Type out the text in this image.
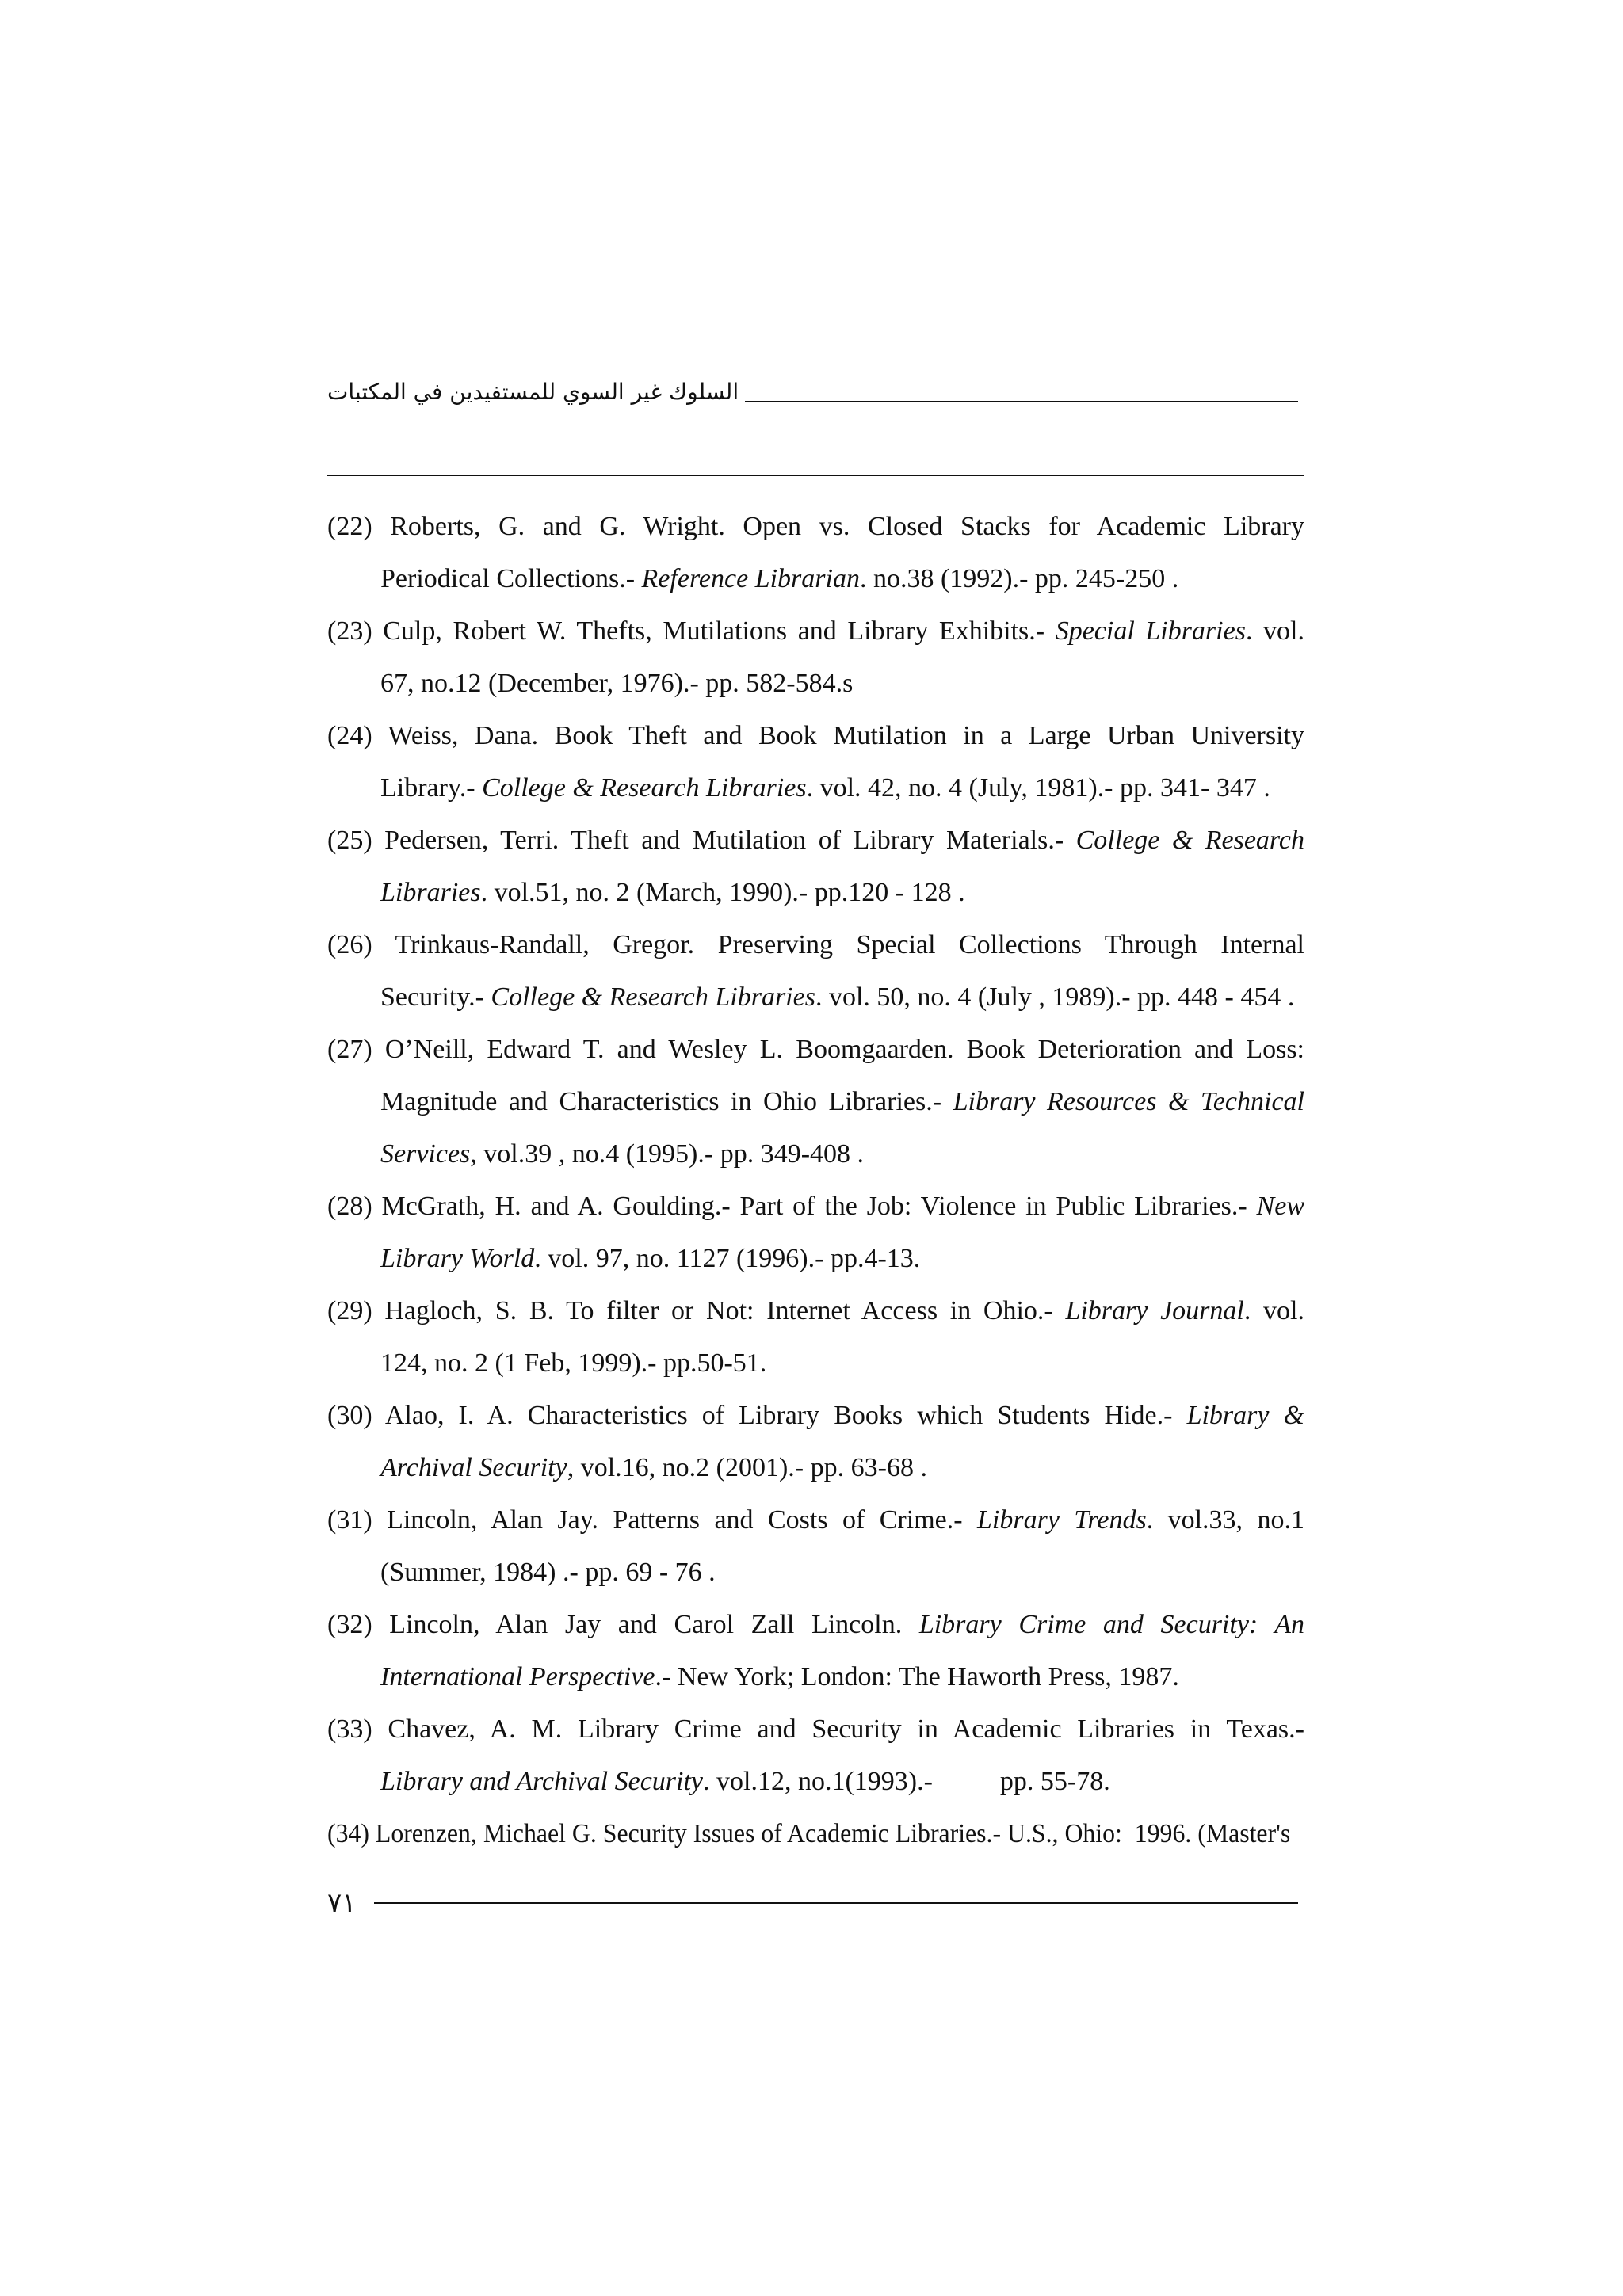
السلوك غير السوي للمستفيدين في المكتبات
(22) Roberts, G. and G. Wright. Open vs. Closed Stacks for Academic Library
Periodical Collections.- Reference Librarian. no.38 (1992).- pp. 245-250 .
(23) Culp, Robert W. Thefts, Mutilations and Library Exhibits.- Special Libraries. vol.
67, no.12 (December, 1976).- pp. 582-584.s
(24) Weiss, Dana. Book Theft and Book Mutilation in a Large Urban University
Library.- College & Research Libraries. vol. 42, no. 4 (July, 1981).- pp. 341- 347 .
(25) Pedersen, Terri. Theft and Mutilation of Library Materials.- College & Research
Libraries. vol.51, no. 2 (March, 1990).- pp.120 - 128 .
(26) Trinkaus-Randall, Gregor. Preserving Special Collections Through Internal
Security.- College & Research Libraries. vol. 50, no. 4 (July , 1989).- pp. 448 - 454 .
(27) O’Neill, Edward T. and Wesley L. Boomgaarden. Book Deterioration and Loss:
Magnitude and Characteristics in Ohio Libraries.- Library Resources & Technical
Services, vol.39 , no.4 (1995).- pp. 349-408 .
(28) McGrath, H. and A. Goulding.- Part of the Job: Violence in Public Libraries.- New
Library World. vol. 97, no. 1127 (1996).- pp.4-13.
(29) Hagloch, S. B. To filter or Not: Internet Access in Ohio.- Library Journal. vol.
124, no. 2 (1 Feb, 1999).- pp.50-51.
(30) Alao, I. A. Characteristics of Library Books which Students Hide.- Library &
Archival Security, vol.16, no.2 (2001).- pp. 63-68 .
(31) Lincoln, Alan Jay. Patterns and Costs of Crime.- Library Trends. vol.33, no.1
(Summer, 1984) .- pp. 69 - 76 .
(32) Lincoln, Alan Jay and Carol Zall Lincoln. Library Crime and Security: An
International Perspective.- New York; London: The Haworth Press, 1987.
(33) Chavez, A. M. Library Crime and Security in Academic Libraries in Texas.-
Library and Archival Security. vol.12, no.1(1993).-          pp. 55-78.
(34) Lorenzen, Michael G. Security Issues of Academic Libraries.- U.S., Ohio:  1996. (Master's
٧١
